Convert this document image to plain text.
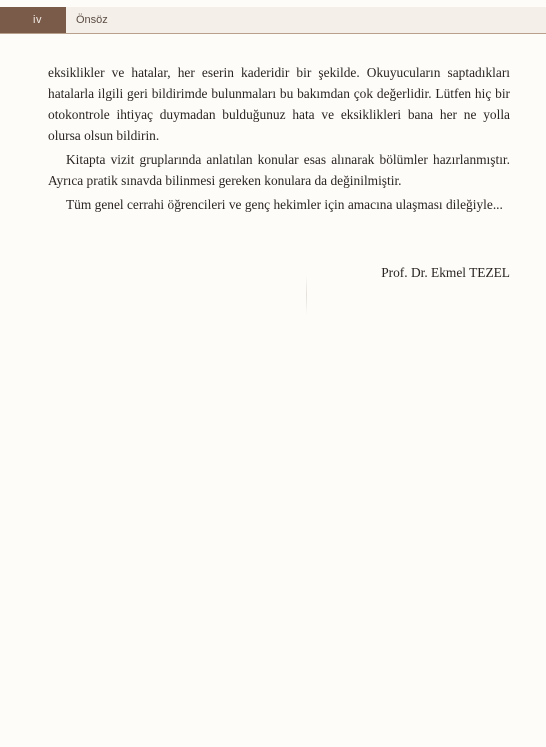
iv	Önsöz

eksiklikler ve hatalar, her eserin kaderidir bir şekilde. Okuyucuların saptadıkları hatalarla ilgili geri bildirimde bulunmaları bu bakımdan çok değerlidir. Lütfen hiç bir otokontrole ihtiyaç duymadan bulduğunuz hata ve eksiklikleri bana her ne yolla olursa olsun bildirin.

Kitapta vizit gruplarında anlatılan konular esas alınarak bölümler hazırlanmıştır. Ayrıca pratik sınavda bilinmesi gereken konulara da değinilmiştir.

Tüm genel cerrahi öğrencileri ve genç hekimler için amacına ulaşması dileğiyle...

Prof. Dr. Ekmel TEZEL
